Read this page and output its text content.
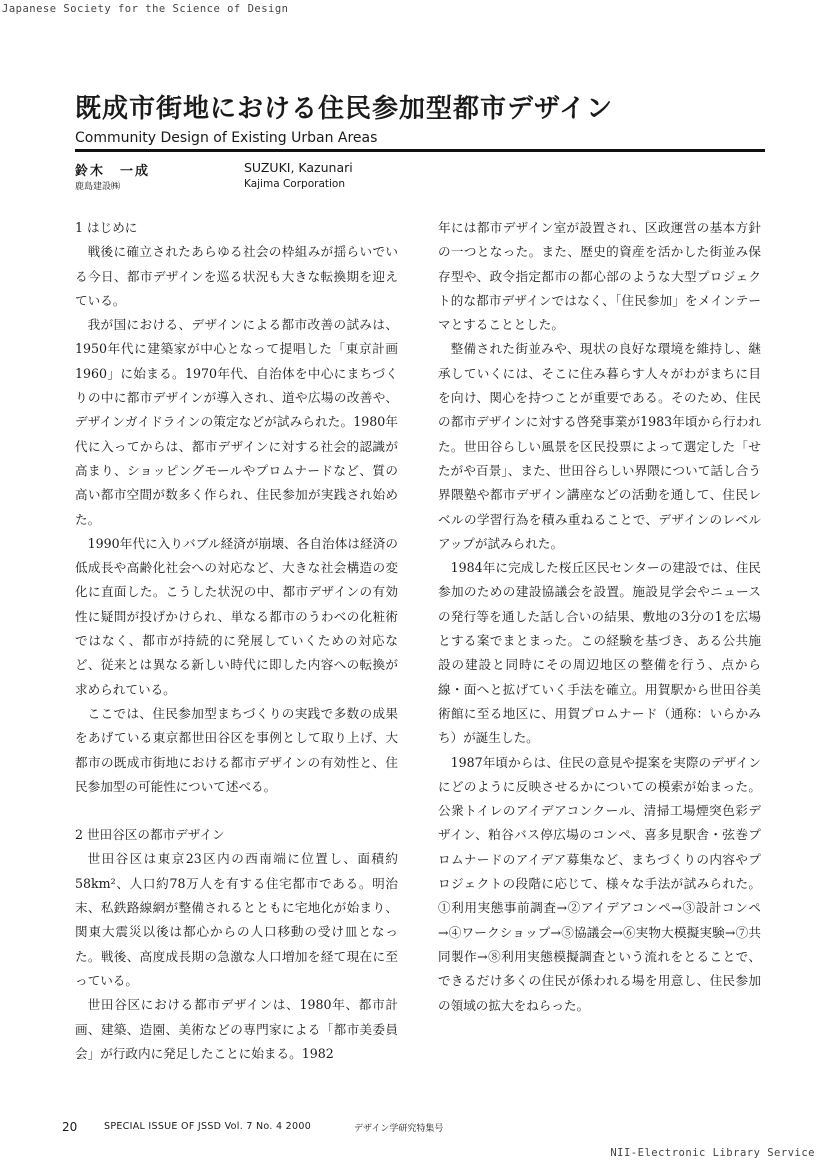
Japanese Society for the Science of Design
既成市街地における住民参加型都市デザイン
Community Design of Existing Urban Areas
鈴木　一成
鹿島建設㈱
SUZUKI, Kazunari
Kajima Corporation
1 はじめに

戦後に確立されたあらゆる社会の枠組みが揺らいでいる今日、都市デザインを巡る状況も大きな転換期を迎えている。

我が国における、デザインによる都市改善の試みは、1950年代に建築家が中心となって提唱した「東京計画1960」に始まる。1970年代、自治体を中心にまちづくりの中に都市デザインが導入され、道や広場の改善や、デザインガイドラインの策定などが試みられた。1980年代に入ってからは、都市デザインに対する社会的認識が高まり、ショッピングモールやプロムナードなど、質の高い都市空間が数多く作られ、住民参加が実践され始めた。

1990年代に入りバブル経済が崩壊、各自治体は経済の低成長や高齢化社会への対応など、大きな社会構造の変化に直面した。こうした状況の中、都市デザインの有効性に疑問が投げかけられ、単なる都市のうわべの化粧術ではなく、都市が持続的に発展していくための対応など、従来とは異なる新しい時代に即した内容への転換が求められている。

ここでは、住民参加型まちづくりの実践で多数の成果をあげている東京都世田谷区を事例として取り上げ、大都市の既成市街地における都市デザインの有効性と、住民参加型の可能性について述べる。

2 世田谷区の都市デザイン

世田谷区は東京23区内の西南端に位置し、面積約58km²、人口約78万人を有する住宅都市である。明治末、私鉄路線網が整備されるとともに宅地化が始まり、関東大震災以後は都心からの人口移動の受け皿となった。戦後、高度成長期の急激な人口増加を経て現在に至っている。

世田谷区における都市デザインは、1980年、都市計画、建築、造園、美術などの専門家による「都市美委員会」が行政内に発足したことに始まる。1982

年には都市デザイン室が設置され、区政運営の基本方針の一つとなった。また、歴史的資産を活かした街並み保存型や、政令指定都市の都心部のような大型プロジェクト的な都市デザインではなく、「住民参加」をメインテーマとすることとした。

整備された街並みや、現状の良好な環境を維持し、継承していくには、そこに住み暮らす人々がわがまちに目を向け、関心を持つことが重要である。そのため、住民の都市デザインに対する啓発事業が1983年頃から行われた。世田谷らしい風景を区民投票によって選定した「せたがや百景」、また、世田谷らしい界隈について話し合う界隈塾や都市デザイン講座などの活動を通して、住民レベルの学習行為を積み重ねることで、デザインのレベルアップが試みられた。

1984年に完成した桜丘区民センターの建設では、住民参加のための建設協議会を設置。施設見学会やニュースの発行等を通した話し合いの結果、敷地の3分の1を広場とする案でまとまった。この経験を基づき、ある公共施設の建設と同時にその周辺地区の整備を行う、点から線・面へと拡げていく手法を確立。用賀駅から世田谷美術館に至る地区に、用賀プロムナード（通称：いらかみち）が誕生した。

1987年頃からは、住民の意見や提案を実際のデザインにどのように反映させるかについての模索が始まった。公衆トイレのアイデアコンクール、清掃工場煙突色彩デザイン、粕谷バス停広場のコンペ、喜多見駅舎・弦巻プロムナードのアイデア募集など、まちづくりの内容やプロジェクトの段階に応じて、様々な手法が試みられた。①利用実態事前調査→②アイデアコンペ→③設計コンペ→④ワークショップ→⑤協議会→⑥実物大模擬実験→⑦共同製作→⑧利用実態模擬調査という流れをとることで、できるだけ多くの住民が係われる場を用意し、住民参加の領域の拡大をねらった。

20	SPECIAL ISSUE OF JSSD Vol. 7 No. 4 2000	デザイン学研究特集号
NII-Electronic Library Service
